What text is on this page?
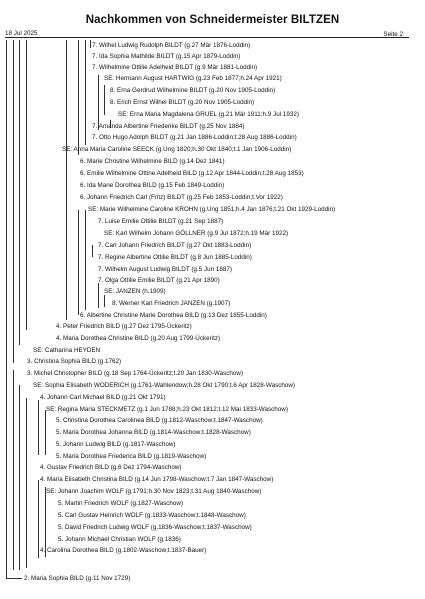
Nachkommen von Schneidermeister BILTZEN
18 Jul 2025	Seite 2
7. Wilhel Ludwig Rudolph BILDT (g.27 Mär 1876-Loddin)
7. Ida Sophia Mathilde BILDT (g.15 Apr 1879-Loddin)
7. Wilhelmine Ottilie Adelheid BILDT (g.9 Mär 1881-Loddin)
SE: Hermann August HARTWIG (g.23 Feb 1877;h.24 Apr 1921)
8. Erna Gerdrud Wilhelmine BILDT (g.20 Nov 1905-Loddin)
8. Erich Ernst Wilhel BILDT (g.20 Nov 1905-Loddin)
SE: Erna Maria Magdalena GRUEL (g.21 Mär 1911;h.9 Jul 1932)
7. Amanda Albertine Friederike BILDT (g.25 Nov 1884)
7. Otto Hugo Adolph BILDT (g.21 Jan 1886-Loddin;t.28 Aug 1886-Loddin)
SE: Anna Maria Caroline SEECK (g.Ung 1820;h.30 Okt 1840;t.1 Jan 1906-Loddin)
6. Marie Christine Wilhelmine BILD (g.14 Dez 1841)
6. Emilie Wilhelmine Ottine Adelheid BILD (g.12 Apr 1844-Loddin;t.28 Aug 1853)
6. Ida Marie Dorothea BILD (g.15 Feb 1849-Loddin)
6. Johann Friedrich Carl (Fritz) BILDT (g.25 Feb 1853-Loddin;t.Vor 1922)
SE: Marie Wilhelmine Caroline KROHN (g.Ung 1851;h.4 Jan 1876;t.21 Okt 1929-Loddin)
7. Luise Emilie Ottilie BILDT (g.21 Sep 1887)
SE: Karl Wilhelm Johann GÖLLNER (g.9 Jul 1872;h.19 Mär 1922)
7. Carl Johann Friedrich BILDT (g.27 Okt 1883-Loddin)
7. Regine Albertine Ottilie BILDT (g.8 Jun 1885-Loddin)
7. Wilhelm August Ludwig BILDT (g.5 Jun 1887)
7. Olga Ottilie Emilie BILDT (g.21 Apr 1890)
SE: JANZEN (h.1909)
8. Werner Karl Friedrich JANZEN (g.1907)
6. Albertine Christine Marie Dorothea BILD (g.13 Dez 1855-Loddin)
4. Peter Friedrich BILD (g.27 Dez 1795-Ückeritz)
4. Maria Dorothea Christine BILD (g.20 Aug 1799-Ückeritz)
SE: Catharina HEYDEN
3. Christina Sophia BILD (g.1762)
3. Michel Christopher BILD (g.18 Sep 1764-Ückeritz;t.20 Jan 1830-Waschow)
SE: Sophia Elisabeth WODERICH (g.1761-Wahlendow;h.28 Okt 1790;t.6 Apr 1828-Waschow)
4. Johann Carl Michael BILD (g.21 Okt 1791)
SE: Regina Maria STECKMETZ (g.1 Jun 1788;h.23 Okt 1812;t.12 Mai 1833-Waschow)
5. Christina Dorothea Carolinea BILD (g.1812-Waschow;t.1847-Waschow)
5. Maria Dorothea Johanna BILD (g.1814-Waschow;t.1828-Waschow)
5. Johann Ludwig BILD (g.1817-Waschow)
5. Maria Dorothea Friederica BILD (g.1819-Waschow)
4. Gustav Friedrich BILD (g.6 Dez 1794-Waschow)
4. Maria Elisabeth Christina BILD (g.14 Jun 1798-Waschow;t.7 Jan 1847-Waschow)
SE: Johann Joachim WOLF (g.1791;h.30 Nov 1823;t.31 Aug 1840-Waschow)
5. Martin Friedrich WOLF (g.1827-Waschow)
5. Carl Gustav Heinrich WOLF (g.1833-Waschow;t.1848-Waschow)
5. David Friedrich Ludwig WOLF (g.1836-Waschow;t.1837-Waschow)
5. Johann Michael Christian WOLF (g.1836)
4. Carolina Dorothea BILD (g.1802-Waschow;t.1837-Bauer)
2. Maria Sophia BILD (g.11 Nov 1729)
